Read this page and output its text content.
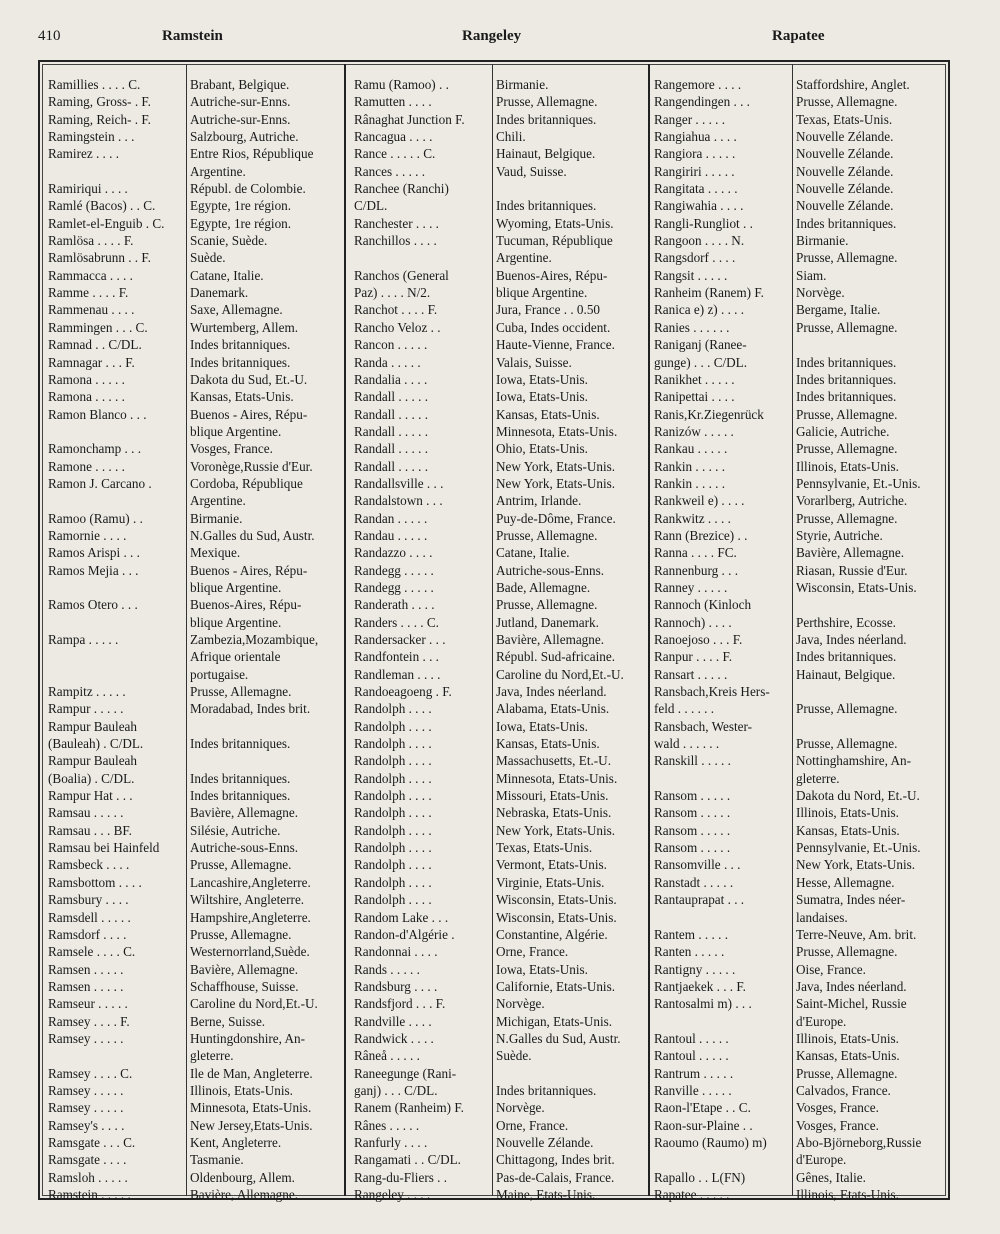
410	Ramstein	Rangeley	Rapatee
Ramillies . . . . C.	Brabant, Belgique.
Raming, Gross- . F.	Autriche-sur-Enns.
Raming, Reich- . F.	Autriche-sur-Enns.
Ramingstein . . .	Salzbourg, Autriche.
Ramirez . . . .	Entre Rios, République
Argentine.
Ramiriqui . . . .	Républ. de Colombie.
Ramlé (Bacos) . . C.	Egypte, 1re région.
Ramlet-el-Enguib . C.	Egypte, 1re région.
Ramlösa . . . . F.	Scanie, Suède.
Ramlösabrunn . . F.	Suède.
Rammacca . . . .	Catane, Italie.
Ramme . . . . F.	Danemark.
Rammenau . . . .	Saxe, Allemagne.
Rammingen . . . C.	Wurtemberg, Allem.
Ramnad . . C/DL.	Indes britanniques.
Ramnagar . . . F.	Indes britanniques.
Ramona . . . . .	Dakota du Sud, Et.-U.
Ramona . . . . .	Kansas, Etats-Unis.
Ramon Blanco . . .	Buenos - Aires, Répu-
blique Argentine.
Ramonchamp . . .	Vosges, France.
Ramone . . . . .	Voronège,Russie d'Eur.
Ramon J. Carcano .	Cordoba, République
Argentine.
Ramoo (Ramu) . .	Birmanie.
Ramornie . . . .	N.Galles du Sud, Austr.
Ramos Arispi . . .	Mexique.
Ramos Mejia . . .	Buenos - Aires, Répu-
blique Argentine.
Ramos Otero . . .	Buenos-Aires, Répu-
blique Argentine.
Rampa . . . . .	Zambezia,Mozambique,
Afrique orientale
portugaise.
Rampitz . . . . .	Prusse, Allemagne.
Rampur . . . . .	Moradabad, Indes brit.
Rampur Bauleah
(Bauleah) . C/DL.	Indes britanniques.
Rampur Bauleah
(Boalia) . C/DL.	Indes britanniques.
Rampur Hat . . .	Indes britanniques.
Ramsau . . . . .	Bavière, Allemagne.
Ramsau . . . BF.	Silésie, Autriche.
Ramsau bei Hainfeld	Autriche-sous-Enns.
Ramsbeck . . . .	Prusse, Allemagne.
Ramsbottom . . . .	Lancashire,Angleterre.
Ramsbury . . . .	Wiltshire, Angleterre.
Ramsdell . . . . .	Hampshire,Angleterre.
Ramsdorf . . . .	Prusse, Allemagne.
Ramsele . . . . C.	Westernorrland,Suède.
Ramsen . . . . .	Bavière, Allemagne.
Ramsen . . . . .	Schaffhouse, Suisse.
Ramseur . . . . .	Caroline du Nord,Et.-U.
Ramsey . . . . F.	Berne, Suisse.
Ramsey . . . . .	Huntingdonshire, An-
gleterre.
Ramsey . . . . C.	Ile de Man, Angleterre.
Ramsey . . . . .	Illinois, Etats-Unis.
Ramsey . . . . .	Minnesota, Etats-Unis.
Ramsey's . . . .	New Jersey,Etats-Unis.
Ramsgate . . . C.	Kent, Angleterre.
Ramsgate . . . .	Tasmanie.
Ramsloh . . . . .	Oldenbourg, Allem.
Ramstein . . . . .	Bavière, Allemagne.
Ramu (Ramoo) . .	Birmanie.
Ramutten . . . .	Prusse, Allemagne.
Rânaghat Junction F.	Indes britanniques.
Rancagua . . . .	Chili.
Rance . . . . . C.	Hainaut, Belgique.
Rances . . . . .	Vaud, Suisse.
Ranchee (Ranchi)
C/DL.	Indes britanniques.
Ranchester . . . .	Wyoming, Etats-Unis.
Ranchillos . . . .	Tucuman, République
Argentine.
Ranchos (General	Buenos-Aires, Répu-
Paz) . . . . N/2.	blique Argentine.
Ranchot . . . . F.	Jura, France . . 0.50
Rancho Veloz . .	Cuba, Indes occident.
Rancon . . . . .	Haute-Vienne, France.
Randa . . . . .	Valais, Suisse.
Randalia . . . .	Iowa, Etats-Unis.
Randall . . . . .	Iowa, Etats-Unis.
Randall . . . . .	Kansas, Etats-Unis.
Randall . . . . .	Minnesota, Etats-Unis.
Randall . . . . .	Ohio, Etats-Unis.
Randall . . . . .	New York, Etats-Unis.
Randallsville . . .	New York, Etats-Unis.
Randalstown . . .	Antrim, Irlande.
Randan . . . . .	Puy-de-Dôme, France.
Randau . . . . .	Prusse, Allemagne.
Randazzo . . . .	Catane, Italie.
Randegg . . . . .	Autriche-sous-Enns.
Randegg . . . . .	Bade, Allemagne.
Randerath . . . .	Prusse, Allemagne.
Randers . . . . C.	Jutland, Danemark.
Randersacker . . .	Bavière, Allemagne.
Randfontein . . .	Républ. Sud-africaine.
Randleman . . . .	Caroline du Nord,Et.-U.
Randoeagoeng . F.	Java, Indes néerland.
Randolph . . . .	Alabama, Etats-Unis.
Randolph . . . .	Iowa, Etats-Unis.
Randolph . . . .	Kansas, Etats-Unis.
Randolph . . . .	Massachusetts, Et.-U.
Randolph . . . .	Minnesota, Etats-Unis.
Randolph . . . .	Missouri, Etats-Unis.
Randolph . . . .	Nebraska, Etats-Unis.
Randolph . . . .	New York, Etats-Unis.
Randolph . . . .	Texas, Etats-Unis.
Randolph . . . .	Vermont, Etats-Unis.
Randolph . . . .	Virginie, Etats-Unis.
Randolph . . . .	Wisconsin, Etats-Unis.
Random Lake . . .	Wisconsin, Etats-Unis.
Randon-d'Algérie .	Constantine, Algérie.
Randonnai . . . .	Orne, France.
Rands . . . . .	Iowa, Etats-Unis.
Randsburg . . . .	Californie, Etats-Unis.
Randsfjord . . . F.	Norvège.
Randville . . . .	Michigan, Etats-Unis.
Randwick . . . .	N.Galles du Sud, Austr.
Râneå . . . . .	Suède.
Raneegunge (Rani-
ganj) . . . C/DL.	Indes britanniques.
Ranem (Ranheim) F.	Norvège.
Rânes . . . . .	Orne, France.
Ranfurly . . . .	Nouvelle Zélande.
Rangamati . . C/DL.	Chittagong, Indes brit.
Rang-du-Fliers . .	Pas-de-Calais, France.
Rangeley . . . .	Maine, Etats-Unis.
Rangemore . . . .	Staffordshire, Anglet.
Rangendingen . . .	Prusse, Allemagne.
Ranger . . . . .	Texas, Etats-Unis.
Rangiahua . . . .	Nouvelle Zélande.
Rangiora . . . . .	Nouvelle Zélande.
Rangiriri . . . . .	Nouvelle Zélande.
Rangitata . . . . .	Nouvelle Zélande.
Rangiwahia . . . .	Nouvelle Zélande.
Rangli-Rungliot . .	Indes britanniques.
Rangoon . . . . N.	Birmanie.
Rangsdorf . . . .	Prusse, Allemagne.
Rangsit . . . . .	Siam.
Ranheim (Ranem) F.	Norvège.
Ranica e) z) . . . .	Bergame, Italie.
Ranies . . . . . .	Prusse, Allemagne.
Raniganj (Ranee-
gunge) . . . C/DL.	Indes britanniques.
Ranikhet . . . . .	Indes britanniques.
Ranipettai . . . .	Indes britanniques.
Ranis,Kr.Ziegenrück	Prusse, Allemagne.
Ranizów . . . . .	Galicie, Autriche.
Rankau . . . . .	Prusse, Allemagne.
Rankin . . . . .	Illinois, Etats-Unis.
Rankin . . . . .	Pennsylvanie, Et.-Unis.
Rankweil e) . . . .	Vorarlberg, Autriche.
Rankwitz . . . .	Prusse, Allemagne.
Rann (Brezice) . .	Styrie, Autriche.
Ranna . . . . FC.	Bavière, Allemagne.
Rannenburg . . .	Riasan, Russie d'Eur.
Ranney . . . . .	Wisconsin, Etats-Unis.
Rannoch (Kinloch
Rannoch) . . . .	Perthshire, Ecosse.
Ranoejoso . . . F.	Java, Indes néerland.
Ranpur . . . . F.	Indes britanniques.
Ransart . . . . .	Hainaut, Belgique.
Ransbach,Kreis Hers-
feld . . . . . .	Prusse, Allemagne.
Ransbach, Wester-
wald . . . . . .	Prusse, Allemagne.
Ranskill . . . . .	Nottinghamshire, An-
gleterre.
Ransom . . . . .	Dakota du Nord, Et.-U.
Ransom . . . . .	Illinois, Etats-Unis.
Ransom . . . . .	Kansas, Etats-Unis.
Ransom . . . . .	Pennsylvanie, Et.-Unis.
Ransomville . . .	New York, Etats-Unis.
Ranstadt . . . . .	Hesse, Allemagne.
Rantauprapat . . .	Sumatra, Indes néer-
landaises.
Rantem . . . . .	Terre-Neuve, Am. brit.
Ranten . . . . .	Prusse, Allemagne.
Rantigny . . . . .	Oise, France.
Rantjaekek . . . F.	Java, Indes néerland.
Rantosalmi m) . . .	Saint-Michel, Russie
d'Europe.
Rantoul . . . . .	Illinois, Etats-Unis.
Rantoul . . . . .	Kansas, Etats-Unis.
Rantrum . . . . .	Prusse, Allemagne.
Ranville . . . . .	Calvados, France.
Raon-l'Etape . . C.	Vosges, France.
Raon-sur-Plaine . .	Vosges, France.
Raoumo (Raumo) m)	Abo-Björneborg,Russie
d'Europe.
Rapallo . . L(FN)	Gênes, Italie.
Rapatee . . . . .	Illinois, Etats-Unis.
